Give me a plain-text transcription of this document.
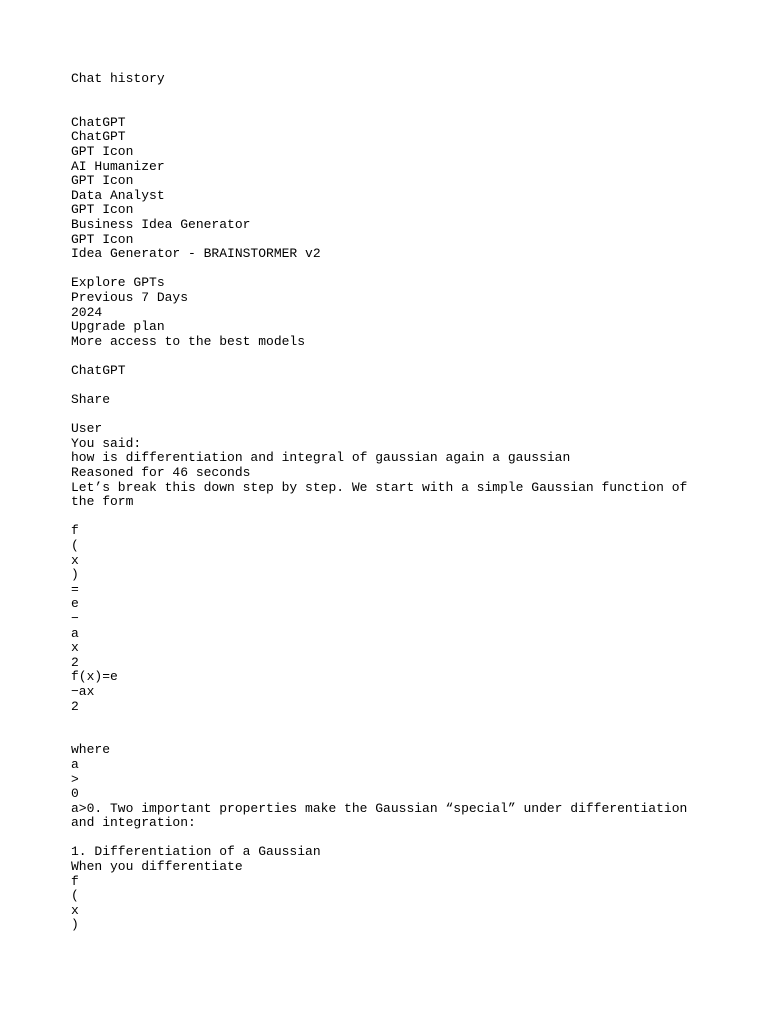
Chat history
ChatGPT
ChatGPT
GPT Icon
AI Humanizer
GPT Icon
Data Analyst
GPT Icon
Business Idea Generator
GPT Icon
Idea Generator - BRAINSTORMER v2
Explore GPTs
Previous 7 Days
2024
Upgrade plan
More access to the best models
ChatGPT
Share
User
You said:
how is differentiation and integral of gaussian again a gaussian
Reasoned for 46 seconds
Let’s break this down step by step. We start with a simple Gaussian function of the form
f
(
x
)
=
e
−
a
x
2
f(x)=e
−ax
2
where
a
>
0
a>0. Two important properties make the Gaussian “special” under differentiation and integration:
1. Differentiation of a Gaussian
When you differentiate
f
(
x
)
